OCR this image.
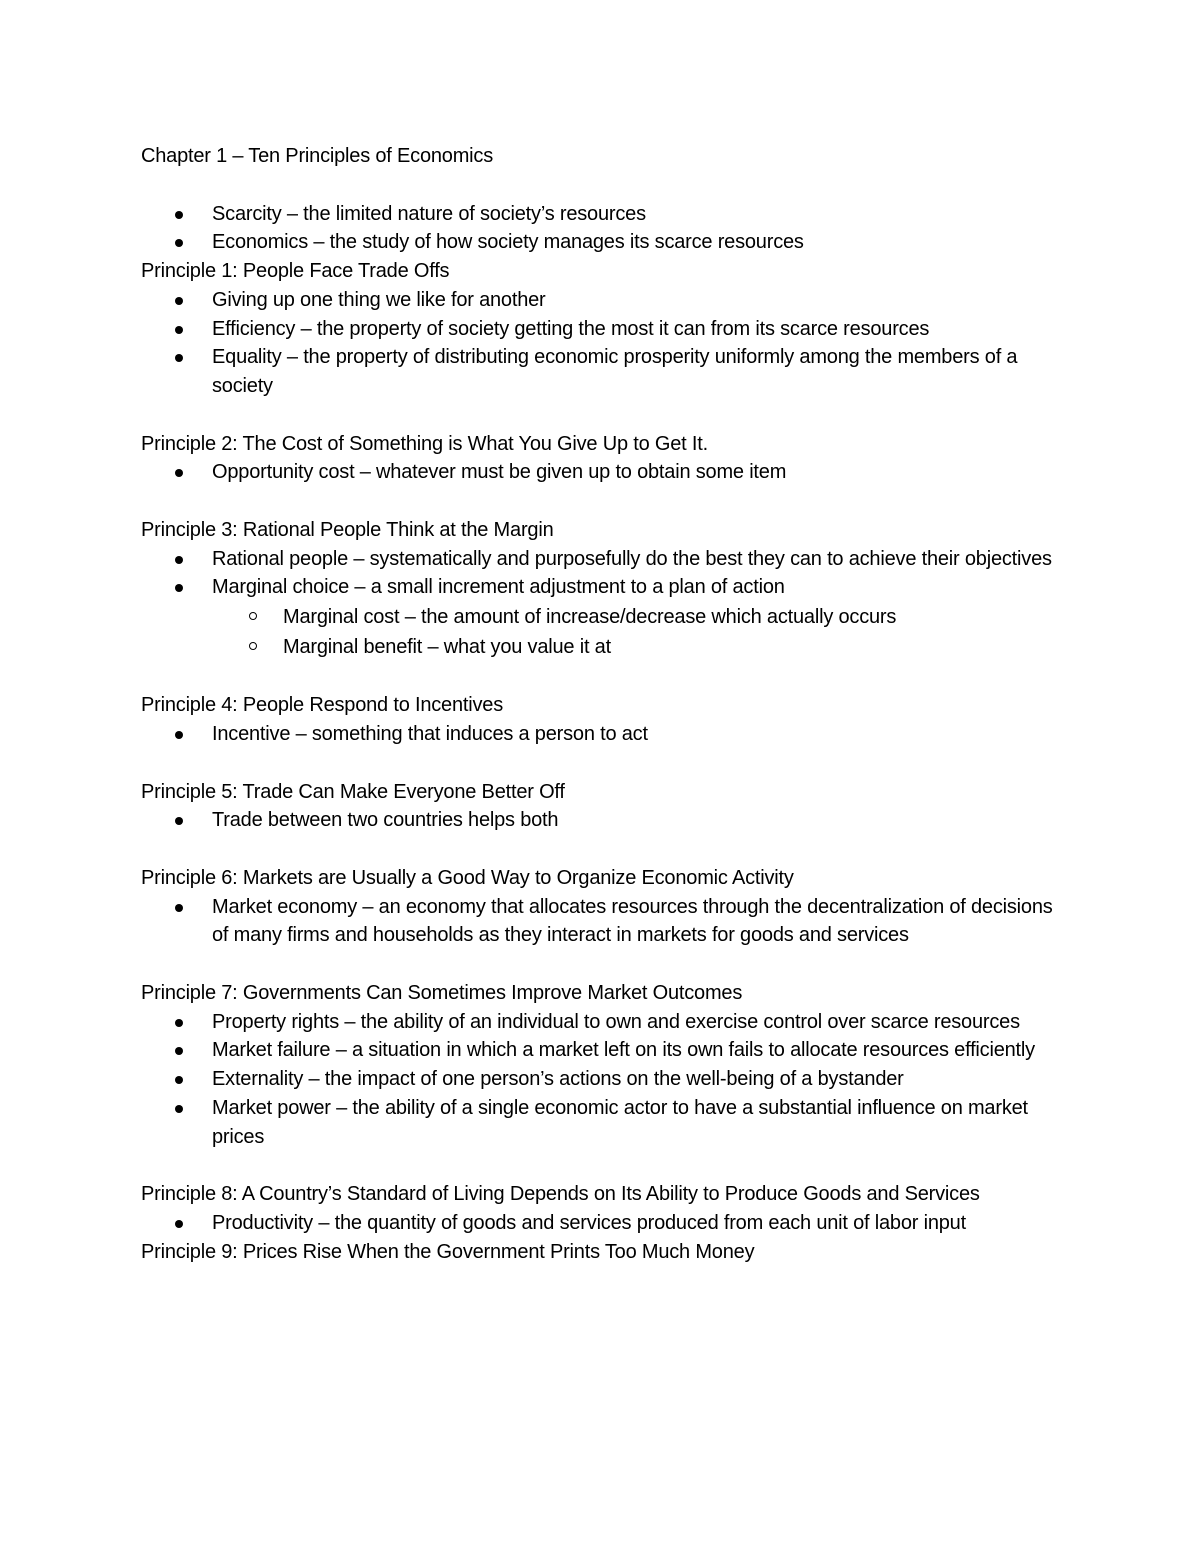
Chapter 1 – Ten Principles of Economics
Scarcity – the limited nature of society’s resources
Economics – the study of how society manages its scarce resources
Principle 1: People Face Trade Offs
Giving up one thing we like for another
Efficiency – the property of society getting the most it can from its scarce resources
Equality – the property of distributing economic prosperity uniformly among the members of a society
Principle 2: The Cost of Something is What You Give Up to Get It.
Opportunity cost – whatever must be given up to obtain some item
Principle 3: Rational People Think at the Margin
Rational people – systematically and purposefully do the best they can to achieve their objectives
Marginal choice – a small increment adjustment to a plan of action
Marginal cost – the amount of increase/decrease which actually occurs
Marginal benefit – what you value it at
Principle 4: People Respond to Incentives
Incentive – something that induces a person to act
Principle 5: Trade Can Make Everyone Better Off
Trade between two countries helps both
Principle 6: Markets are Usually a Good Way to Organize Economic Activity
Market economy – an economy that allocates resources through the decentralization of decisions of many firms and households as they interact in markets for goods and services
Principle 7: Governments Can Sometimes Improve Market Outcomes
Property rights – the ability of an individual to own and exercise control over scarce resources
Market failure – a situation in which a market left on its own fails to allocate resources efficiently
Externality – the impact of one person’s actions on the well-being of a bystander
Market power – the ability of a single economic actor to have a substantial influence on market prices
Principle 8: A Country’s Standard of Living Depends on Its Ability to Produce Goods and Services
Productivity – the quantity of goods and services produced from each unit of labor input
Principle 9: Prices Rise When the Government Prints Too Much Money
